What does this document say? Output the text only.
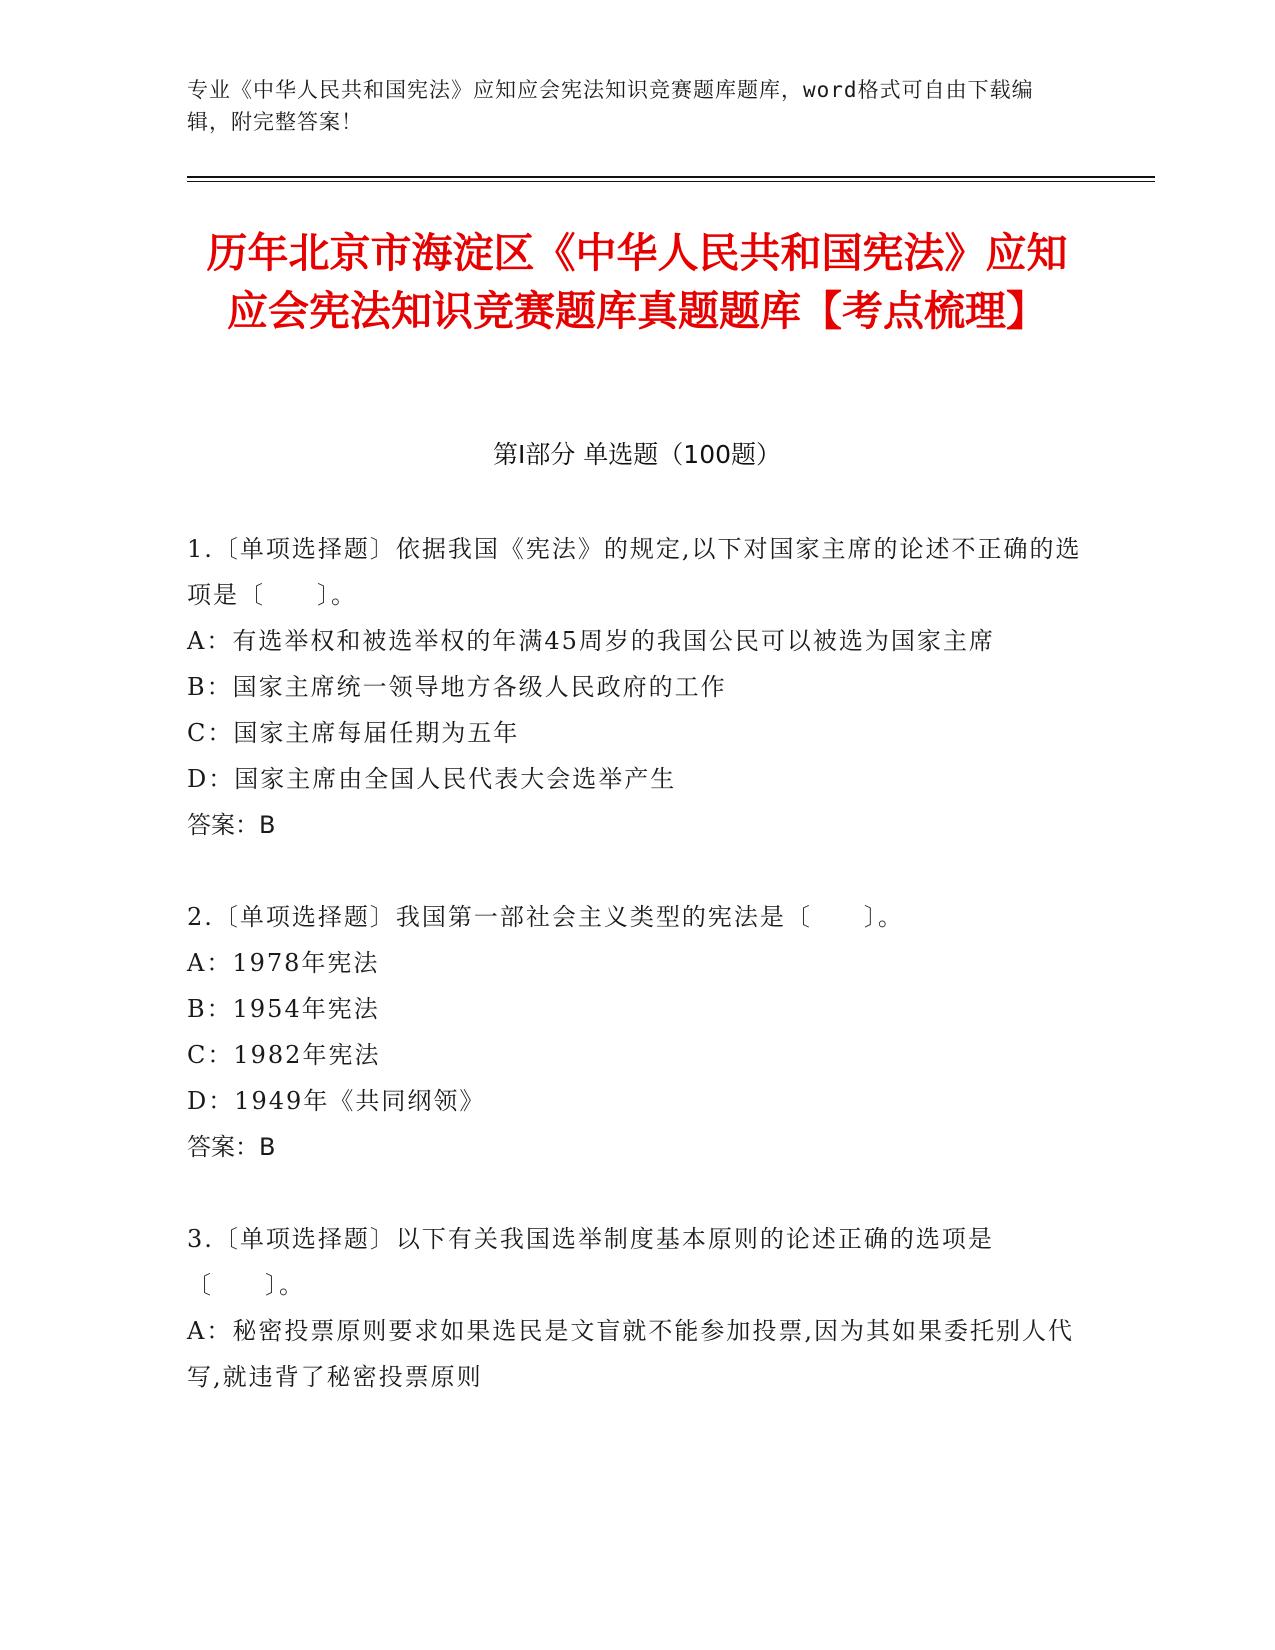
专业《中华人民共和国宪法》应知应会宪法知识竞赛题库题库，word格式可自由下载编辑，附完整答案！
历年北京市海淀区《中华人民共和国宪法》应知应会宪法知识竞赛题库真题题库【考点梳理】
第Ⅰ部分 单选题（100题）
1.〔单项选择题〕依据我国《宪法》的规定,以下对国家主席的论述不正确的选项是〔　　〕。
A：有选举权和被选举权的年满45周岁的我国公民可以被选为国家主席
B：国家主席统一领导地方各级人民政府的工作
C：国家主席每届任期为五年
D：国家主席由全国人民代表大会选举产生
答案：B
2.〔单项选择题〕我国第一部社会主义类型的宪法是〔　　〕。
A：1978年宪法
B：1954年宪法
C：1982年宪法
D：1949年《共同纲领》
答案：B
3.〔单项选择题〕以下有关我国选举制度基本原则的论述正确的选项是〔　　〕。
A：秘密投票原则要求如果选民是文盲就不能参加投票,因为其如果委托别人代写,就违背了秘密投票原则
